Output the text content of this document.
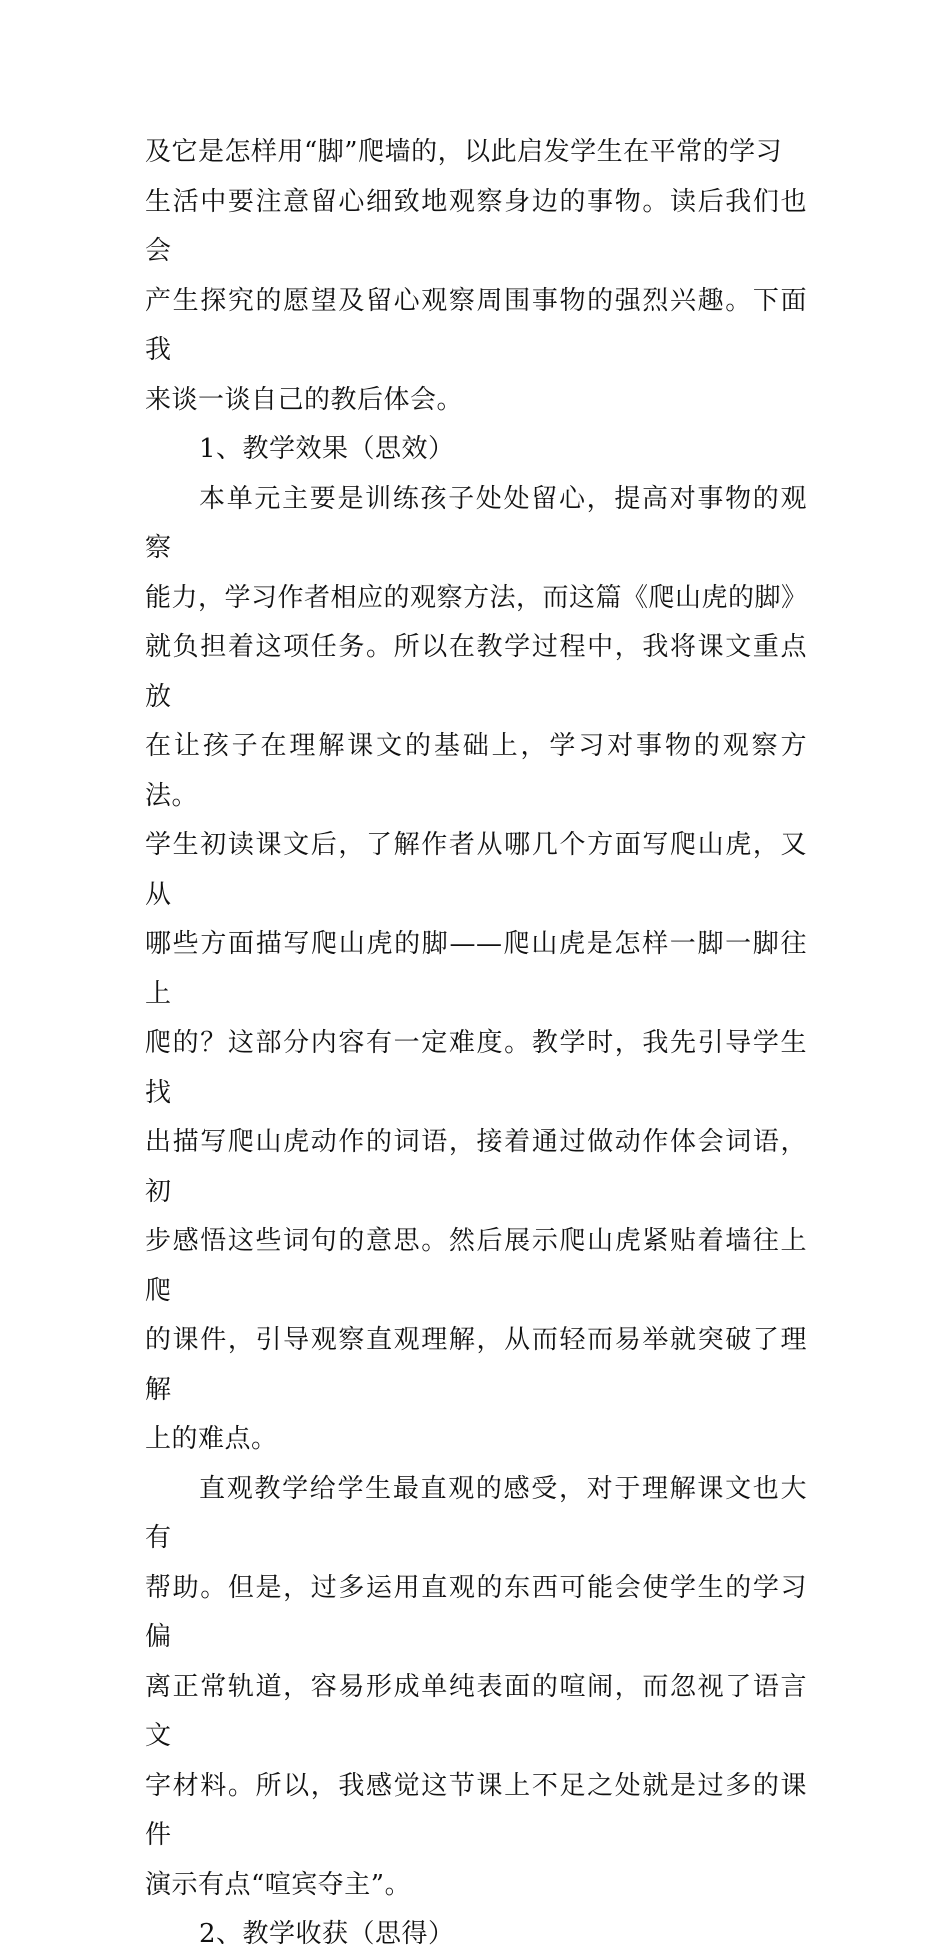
及它是怎样用“脚”爬墙的，以此启发学生在平常的学习
生活中要注意留心细致地观察身边的事物。读后我们也会
产生探究的愿望及留心观察周围事物的强烈兴趣。下面我
来谈一谈自己的教后体会。
1、教学效果（思效）
本单元主要是训练孩子处处留心，提高对事物的观察
能力，学习作者相应的观察方法，而这篇《爬山虎的脚》
就负担着这项任务。所以在教学过程中，我将课文重点放
在让孩子在理解课文的基础上，学习对事物的观察方法。
学生初读课文后，了解作者从哪几个方面写爬山虎，又从
哪些方面描写爬山虎的脚——爬山虎是怎样一脚一脚往上
爬的？这部分内容有一定难度。教学时，我先引导学生找
出描写爬山虎动作的词语，接着通过做动作体会词语，初
步感悟这些词句的意思。然后展示爬山虎紧贴着墙往上爬
的课件，引导观察直观理解，从而轻而易举就突破了理解
上的难点。
直观教学给学生最直观的感受，对于理解课文也大有
帮助。但是，过多运用直观的东西可能会使学生的学习偏
离正常轨道，容易形成单纯表面的喧闹，而忽视了语言文
字材料。所以，我感觉这节课上不足之处就是过多的课件
演示有点“喧宾夺主”。
2、教学收获（思得）
